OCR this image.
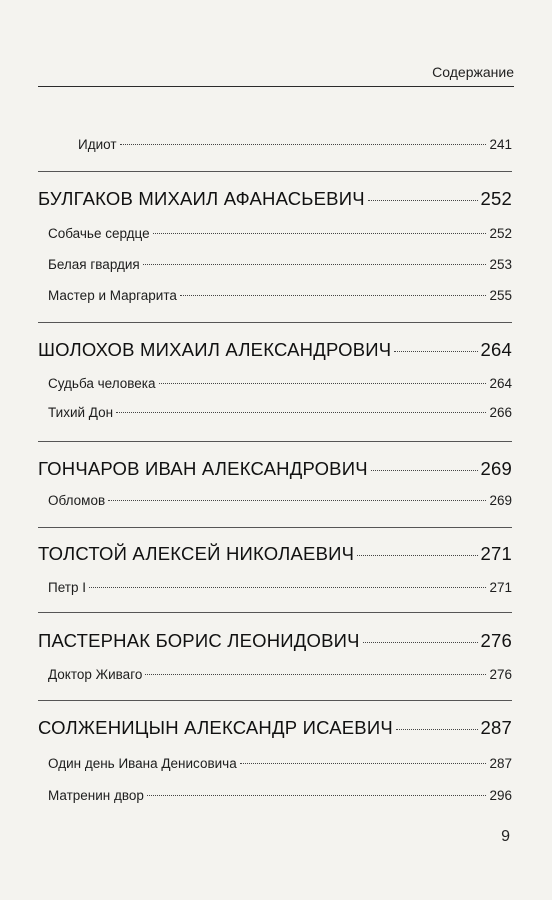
Содержание
Идиот	241
БУЛГАКОВ МИХАИЛ АФАНАСЬЕВИЧ	252
Собачье сердце	252
Белая гвардия	253
Мастер и Маргарита	255
ШОЛОХОВ МИХАИЛ АЛЕКСАНДРОВИЧ	264
Судьба человека	264
Тихий Дон	266
ГОНЧАРОВ ИВАН АЛЕКСАНДРОВИЧ	269
Обломов	269
ТОЛСТОЙ АЛЕКСЕЙ НИКОЛАЕВИЧ	271
Петр I	271
ПАСТЕРНАК БОРИС ЛЕОНИДОВИЧ	276
Доктор Живаго	276
СОЛЖЕНИЦЫН АЛЕКСАНДР ИСАЕВИЧ	287
Один день Ивана Денисовича	287
Матренин двор	296
9
